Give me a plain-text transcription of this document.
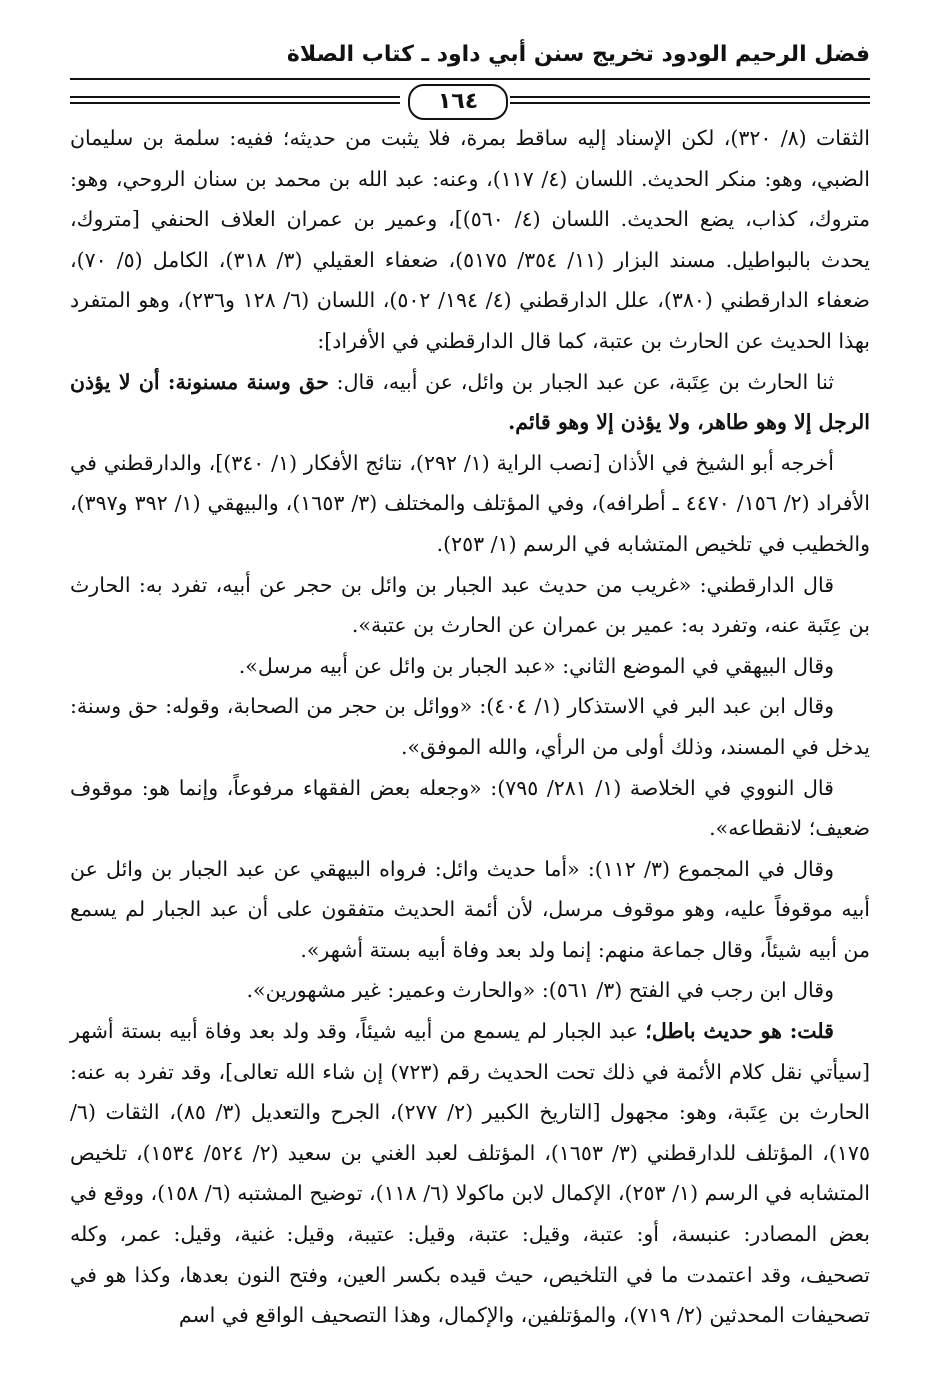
فضل الرحيم الودود تخريج سنن أبي داود ـ كتاب الصلاة
١٦٤

الثقات (٨/ ٣٢٠)، لكن الإسناد إليه ساقط بمرة، فلا يثبت من حديثه؛ ففيه: سلمة بن سليمان الضبي، وهو: منكر الحديث. اللسان (٤/ ١١٧)، وعنه: عبد الله بن محمد بن سنان الروحي، وهو: متروك، كذاب، يضع الحديث. اللسان (٤/ ٥٦٠)]، وعمير بن عمران العلاف الحنفي [متروك، يحدث بالبواطيل. مسند البزار (١١/ ٣٥٤/ ٥١٧٥)، ضعفاء العقيلي (٣/ ٣١٨)، الكامل (٥/ ٧٠)، ضعفاء الدارقطني (٣٨٠)، علل الدارقطني (٤/ ١٩٤/ ٥٠٢)، اللسان (٦/ ١٢٨ و٢٣٦)، وهو المتفرد بهذا الحديث عن الحارث بن عتبة، كما قال الدارقطني في الأفراد]:

ثنا الحارث بن عِتَبة، عن عبد الجبار بن وائل، عن أبيه، قال: حق وسنة مسنونة: أن لا يؤذن الرجل إلا وهو طاهر، ولا يؤذن إلا وهو قائم.

أخرجه أبو الشيخ في الأذان [نصب الراية (١/ ٢٩٢)، نتائج الأفكار (١/ ٣٤٠)]، والدارقطني في الأفراد (٢/ ١٥٦/ ٤٤٧٠ ـ أطرافه)، وفي المؤتلف والمختلف (٣/ ١٦٥٣)، والبيهقي (١/ ٣٩٢ و٣٩٧)، والخطيب في تلخيص المتشابه في الرسم (١/ ٢٥٣).

قال الدارقطني: «غريب من حديث عبد الجبار بن وائل بن حجر عن أبيه، تفرد به: الحارث بن عِتَبة عنه، وتفرد به: عمير بن عمران عن الحارث بن عتبة».

وقال البيهقي في الموضع الثاني: «عبد الجبار بن وائل عن أبيه مرسل».

وقال ابن عبد البر في الاستذكار (١/ ٤٠٤): «ووائل بن حجر من الصحابة، وقوله: حق وسنة: يدخل في المسند، وذلك أولى من الرأي، والله الموفق».

قال النووي في الخلاصة (١/ ٢٨١/ ٧٩٥): «وجعله بعض الفقهاء مرفوعاً، وإنما هو: موقوف ضعيف؛ لانقطاعه».

وقال في المجموع (٣/ ١١٢): «أما حديث وائل: فرواه البيهقي عن عبد الجبار بن وائل عن أبيه موقوفاً عليه، وهو موقوف مرسل، لأن أئمة الحديث متفقون على أن عبد الجبار لم يسمع من أبيه شيئاً، وقال جماعة منهم: إنما ولد بعد وفاة أبيه بستة أشهر».

وقال ابن رجب في الفتح (٣/ ٥٦١): «والحارث وعمير: غير مشهورين».

قلت: هو حديث باطل؛ عبد الجبار لم يسمع من أبيه شيئاً، وقد ولد بعد وفاة أبيه بستة أشهر [سيأتي نقل كلام الأئمة في ذلك تحت الحديث رقم (٧٢٣) إن شاء الله تعالى]، وقد تفرد به عنه: الحارث بن عِتَبة، وهو: مجهول [التاريخ الكبير (٢/ ٢٧٧)، الجرح والتعديل (٣/ ٨٥)، الثقات (٦/ ١٧٥)، المؤتلف للدارقطني (٣/ ١٦٥٣)، المؤتلف لعبد الغني بن سعيد (٢/ ٥٢٤/ ١٥٣٤)، تلخيص المتشابه في الرسم (١/ ٢٥٣)، الإكمال لابن ماكولا (٦/ ١١٨)، توضيح المشتبه (٦/ ١٥٨)، ووقع في بعض المصادر: عنبسة، أو: عتبة، وقيل: عتبة، وقيل: عتيبة، وقيل: غنية، وقيل: عمر، وكله تصحيف، وقد اعتمدت ما في التلخيص، حيث قيده بكسر العين، وفتح النون بعدها، وكذا هو في تصحيفات المحدثين (٢/ ٧١٩)، والمؤتلفين، والإكمال، وهذا التصحيف الواقع في اسم
